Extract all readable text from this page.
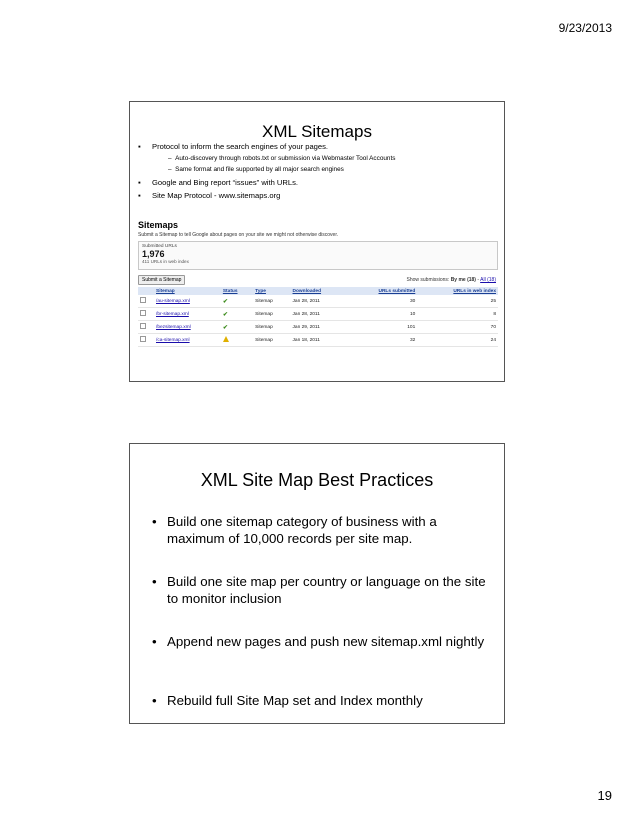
9/23/2013
XML Sitemaps
▪ Protocol to inform the search engines of your pages.
–  Auto-discovery through robots.txt or submission via Webmaster Tool Accounts
–  Same format and file supported by all major search engines
▪ Google and Bing report “issues” with URLs.
▪ Site Map Protocol - www.sitemaps.org
Sitemaps
Submit a Sitemap to tell Google about pages on your site we might not otherwise discover.
Submitted URLs
1,976
411 URLs in web index
Submit a Sitemap	Show submissions: By me (18) - All (18)
	Sitemap	Status	Type	Downloaded	URLs submitted	URLs in web index
	/au-sitemap.xml	✔	Sitemap	Jan 28, 2011	30	25
	/br-sitemap.xml	✔	Sitemap	Jan 28, 2011	10	8
	/bezsitemap.xml	✔	Sitemap	Jan 29, 2011	101	70
	/ca-sitemap.xml		Sitemap	Jan 18, 2011	32	24
XML Site Map Best Practices
• Build one sitemap category of business with a maximum of 10,000 records per site map.
• Build one site map per country or language on the site to monitor inclusion
• Append new pages and push new sitemap.xml nightly
• Rebuild full Site Map set and Index monthly
19
